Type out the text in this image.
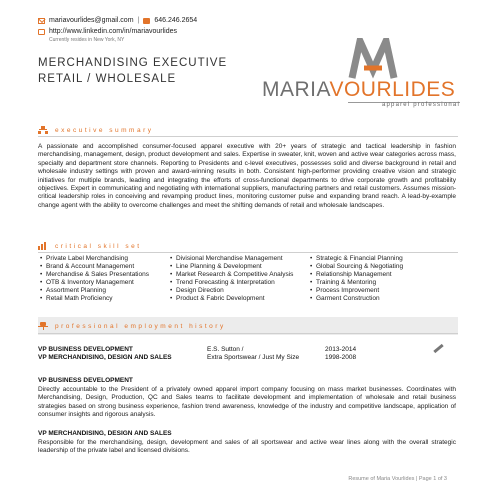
mariavourlides@gmail.com | 646.246.2654
http://www.linkedin.com/in/mariavourlides
Currently resides in New York, NY
MERCHANDISING EXECUTIVE
RETAIL / WHOLESALE	MARIAVOURLIDES
apparel professional
executive summary
A passionate and accomplished consumer-focused apparel executive with 20+ years of strategic and tactical leadership in fashion merchandising, management, design, product development and sales. Expertise in sweater, knit, woven and active wear categories across mass, specialty and department store channels. Reporting to Presidents and c-level executives, possesses solid and diverse background in retail and wholesale industry settings with proven and award-winning results in both. Consistent high-performer providing creative vision and strategic initiatives for multiple brands, leading and integrating the efforts of cross-functional departments to drive corporate growth and profitability objectives. Expert in communicating and negotiating with international suppliers, manufacturing partners and retail customers. Assumes mission-critical leadership roles in conceiving and revamping product lines, monitoring customer pulse and expanding brand reach. A lead-by-example change agent with the ability to overcome challenges and meet the shifting demands of retail and wholesale landscapes.
critical skill set
• Private Label Merchandising
• Brand & Account Management
• Merchandise & Sales Presentations
• OTB & Inventory Management
• Assortment Planning
• Retail Math Proficiency
• Divisional Merchandise Management
• Line Planning & Development
• Market Research & Competitive Analysis
• Trend Forecasting & Interpretation
• Design Direction
• Product & Fabric Development
• Strategic & Financial Planning
• Global Sourcing & Negotiating
• Relationship Management
• Training & Mentoring
• Process Improvement
• Garment Construction
professional employment history
VP BUSINESS DEVELOPMENT
VP MERCHANDISING, DESIGN AND SALES
E.S. Sutton /
Extra Sportswear / Just My Size
2013-2014
1998-2008
VP BUSINESS DEVELOPMENT
Directly accountable to the President of a privately owned apparel import company focusing on mass market businesses. Coordinates with Merchandising, Design, Production, QC and Sales teams to facilitate development and implementation of wholesale and retail business strategies based on strong business experience, fashion trend awareness, knowledge of the industry and competitive landscape, application of consumer insights and rigorous analysis.
VP MERCHANDISING, DESIGN AND SALES
Responsible for the merchandising, design, development and sales of all sportswear and active wear lines along with the overall strategic leadership of the private label and licensed divisions.
Resume of Maria Vourlides | Page 1 of 3
